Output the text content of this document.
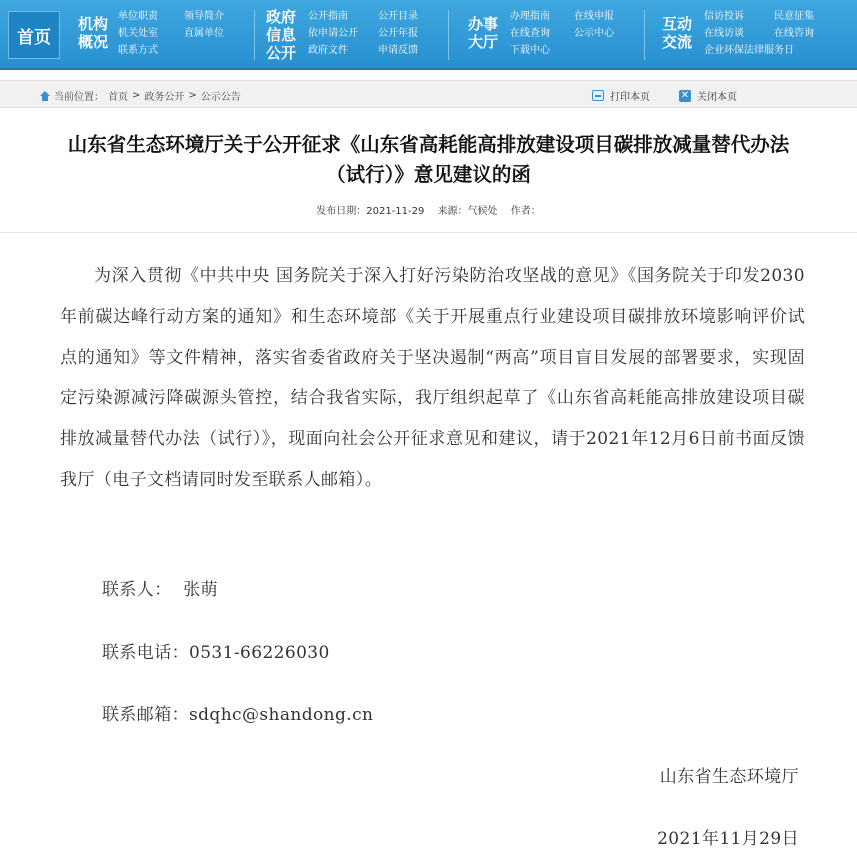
首页
机构
概况
单位职责	领导简介
机关处室	直属单位
联系方式
政府
信息
公开
公开指南	公开目录
依申请公开	公开年报
政府文件	申请反馈
办事
大厅
办理指南	在线申报
在线查询	公示中心
下载中心
互动
交流
信访投诉	民意征集
在线访谈	在线咨询
企业环保法律服务日
当前位置： 首页 > 政务公开 > 公示公告	打印本页	✕ 关闭本页
山东省生态环境厅关于公开征求《山东省高耗能高排放建设项目碳排放减量替代办法
（试行）》意见建议的函
发布日期：2021-11-29 来源：气候处 作者：

为深入贯彻《中共中央 国务院关于深入打好污染防治攻坚战的意见》《国务院关于印发2030年前碳达峰行动方案的通知》和生态环境部《关于开展重点行业建设项目碳排放环境影响评价试点的通知》等文件精神，落实省委省政府关于坚决遏制“两高”项目盲目发展的部署要求，实现固定污染源减污降碳源头管控，结合我省实际，我厅组织起草了《山东省高耗能高排放建设项目碳排放减量替代办法（试行）》，现面向社会公开征求意见和建议，请于2021年12月6日前书面反馈我厅（电子文档请同时发至联系人邮箱）。

联系人：  张萌
联系电话：0531-66226030
联系邮箱：sdqhc@shandong.cn
山东省生态环境厅
2021年11月29日
